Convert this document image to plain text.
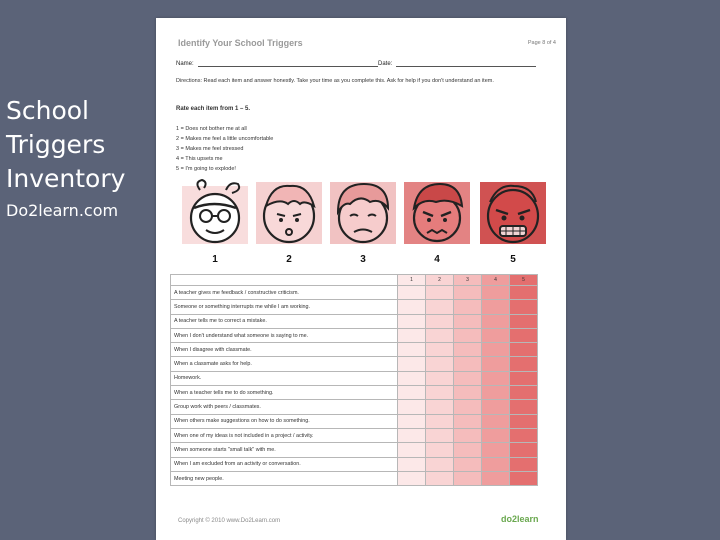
School
Triggers
Inventory
Do2learn.com
Identify Your School Triggers	Page 8 of 4
Name:	Date:
Directions: Read each item and answer honestly. Take your time as you complete this. Ask for help if you don't understand an item.
Rate each item from 1 – 5.
1 = Does not bother me at all
2 = Makes me feel a little uncomfortable
3 = Makes me feel stressed
4 = This upsets me
5 = I'm going to explode!
1	2	3	4	5
	1	2	3	4	5
A teacher gives me feedback / constructive criticism.					
Someone or something interrupts me while I am working.					
A teacher tells me to correct a mistake.					
When I don't understand what someone is saying to me.					
When I disagree with classmate.					
When a classmate asks for help.					
Homework.					
When a teacher tells me to do something.					
Group work with peers / classmates.					
When others make suggestions on how to do something.					
When one of my ideas is not included in a project / activity.					
When someone starts "small talk" with me.					
When I am excluded from an activity or conversation.					
Meeting new people.					
Copyright © 2010 www.Do2Learn.com	do2learn
